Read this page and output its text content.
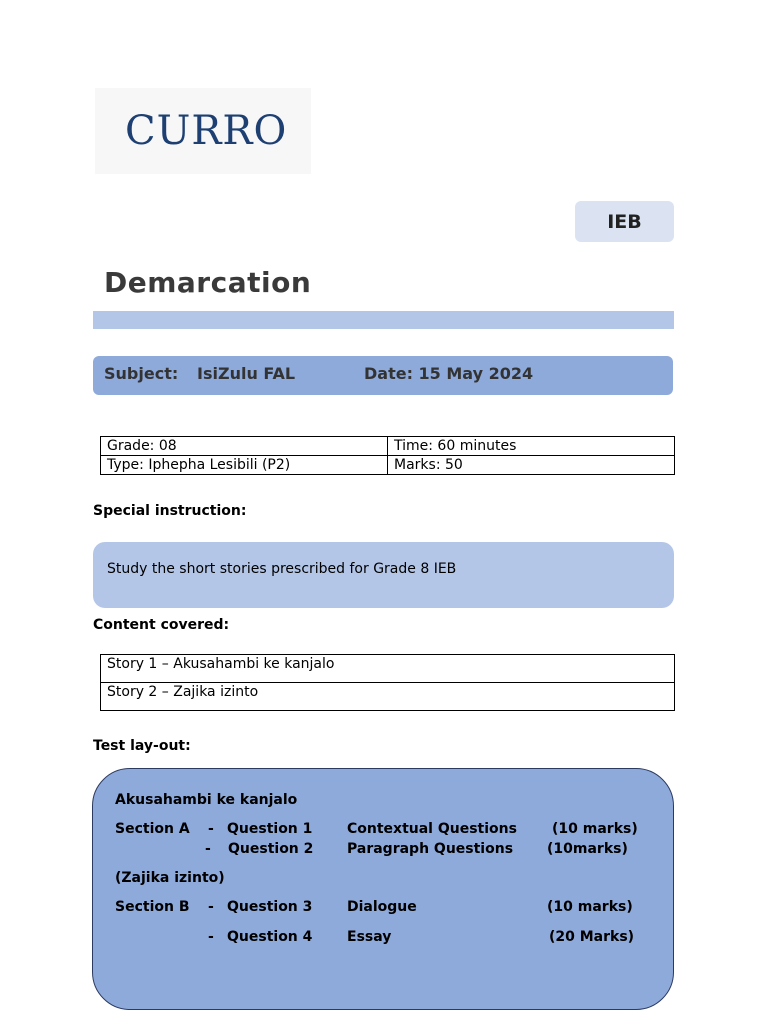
CURRO
IEB
Demarcation
Subject: IsiZulu FAL	Date: 15 May 2024
Grade: 08	Time: 60 minutes
Type: Iphepha Lesibili (P2)	Marks: 50
Special instruction:
Study the short stories prescribed for Grade 8 IEB
Content covered:
Story 1 – Akusahambi ke kanjalo
Story 2 – Zajika izinto
Test lay-out:
Akusahambi ke kanjalo
Section A - Question 1 Contextual Questions	(10 marks)
- Question 2 Paragraph Questions (10marks)
(Zajika izinto)
Section B - Question 3 Dialogue	(10 marks)
- Question 4 Essay	(20 Marks)
